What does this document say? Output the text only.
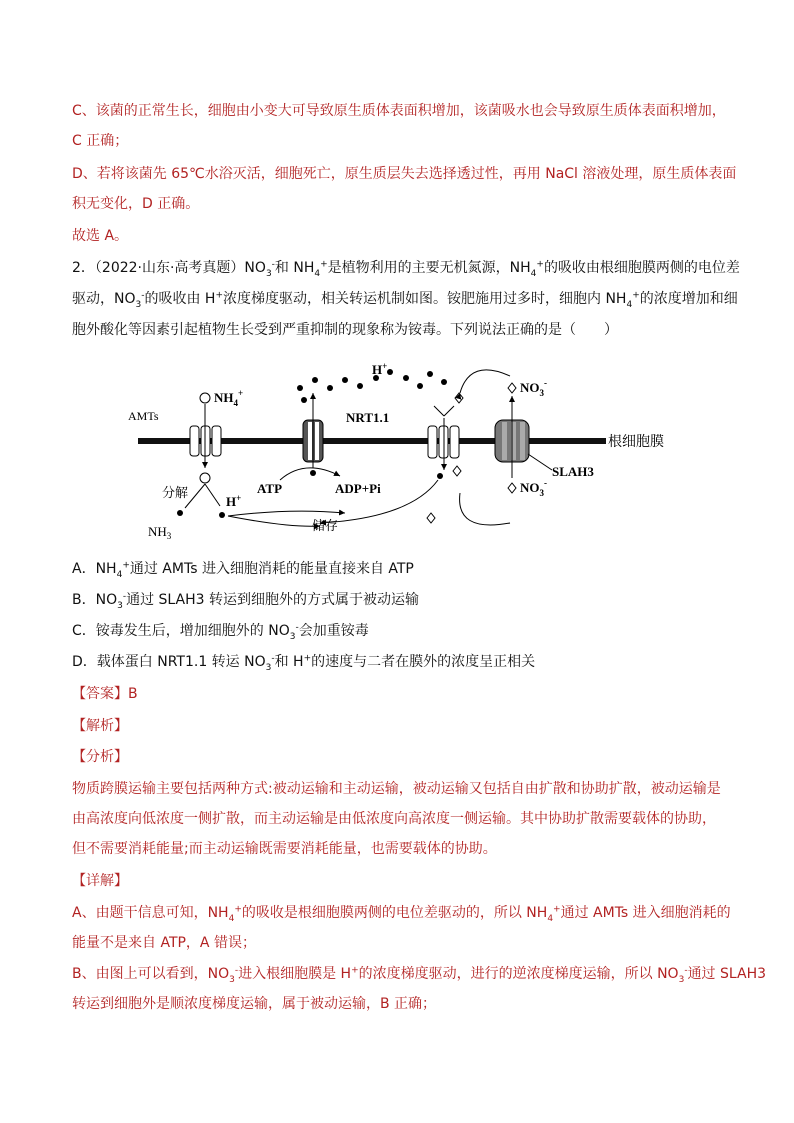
C、该菌的正常生长，细胞由小变大可导致原生质体表面积增加，该菌吸水也会导致原生质体表面积增加，
C 正确；
D、若将该菌先 65℃水浴灭活，细胞死亡，原生质层失去选择透过性，再用 NaCl 溶液处理，原生质体表面
积无变化，D 正确。
故选 A。
2．（2022·山东·高考真题）$NO_3^-$和 $NH_4^+$是植物利用的主要无机氮源，$NH_4^+$的吸收由根细胞膜两侧的电位差
驱动，$NO_3^-$的吸收由 H+浓度梯度驱动，相关转运机制如图。铵肥施用过多时，细胞内 $NH_4^+$的浓度增加和细
胞外酸化等因素引起植物生长受到严重抑制的现象称为铵毒。下列说法正确的是（　　）
根细胞膜
AMTs
$NH_4^+$
分解
$NH_3$
H+
ATP	ADP+Pi
储存
H+
NRT1.1
SLAH3
$NO_3^-$
$NO_3^-$
A．$NH_4^+$通过 AMTs 进入细胞消耗的能量直接来自 ATP
B．$NO_3^-$通过 SLAH3 转运到细胞外的方式属于被动运输
C．铵毒发生后，增加细胞外的 $NO_3^-$会加重铵毒
D．载体蛋白 NRT1.1 转运 $NO_3^-$和 H+的速度与二者在膜外的浓度呈正相关
【答案】B
【解析】
【分析】
物质跨膜运输主要包括两种方式:被动运输和主动运输，被动运输又包括自由扩散和协助扩散，被动运输是
由高浓度向低浓度一侧扩散，而主动运输是由低浓度向高浓度一侧运输。其中协助扩散需要载体的协助，
但不需要消耗能量;而主动运输既需要消耗能量，也需要载体的协助。
【详解】
A、由题干信息可知，$NH_4^+$的吸收是根细胞膜两侧的电位差驱动的，所以 $NH_4^+$通过 AMTs 进入细胞消耗的
能量不是来自 ATP，A 错误；
B、由图上可以看到，$NO_3^-$进入根细胞膜是 H+的浓度梯度驱动，进行的逆浓度梯度运输，所以 $NO_3^-$通过 SLAH3
转运到细胞外是顺浓度梯度运输，属于被动运输，B 正确；
